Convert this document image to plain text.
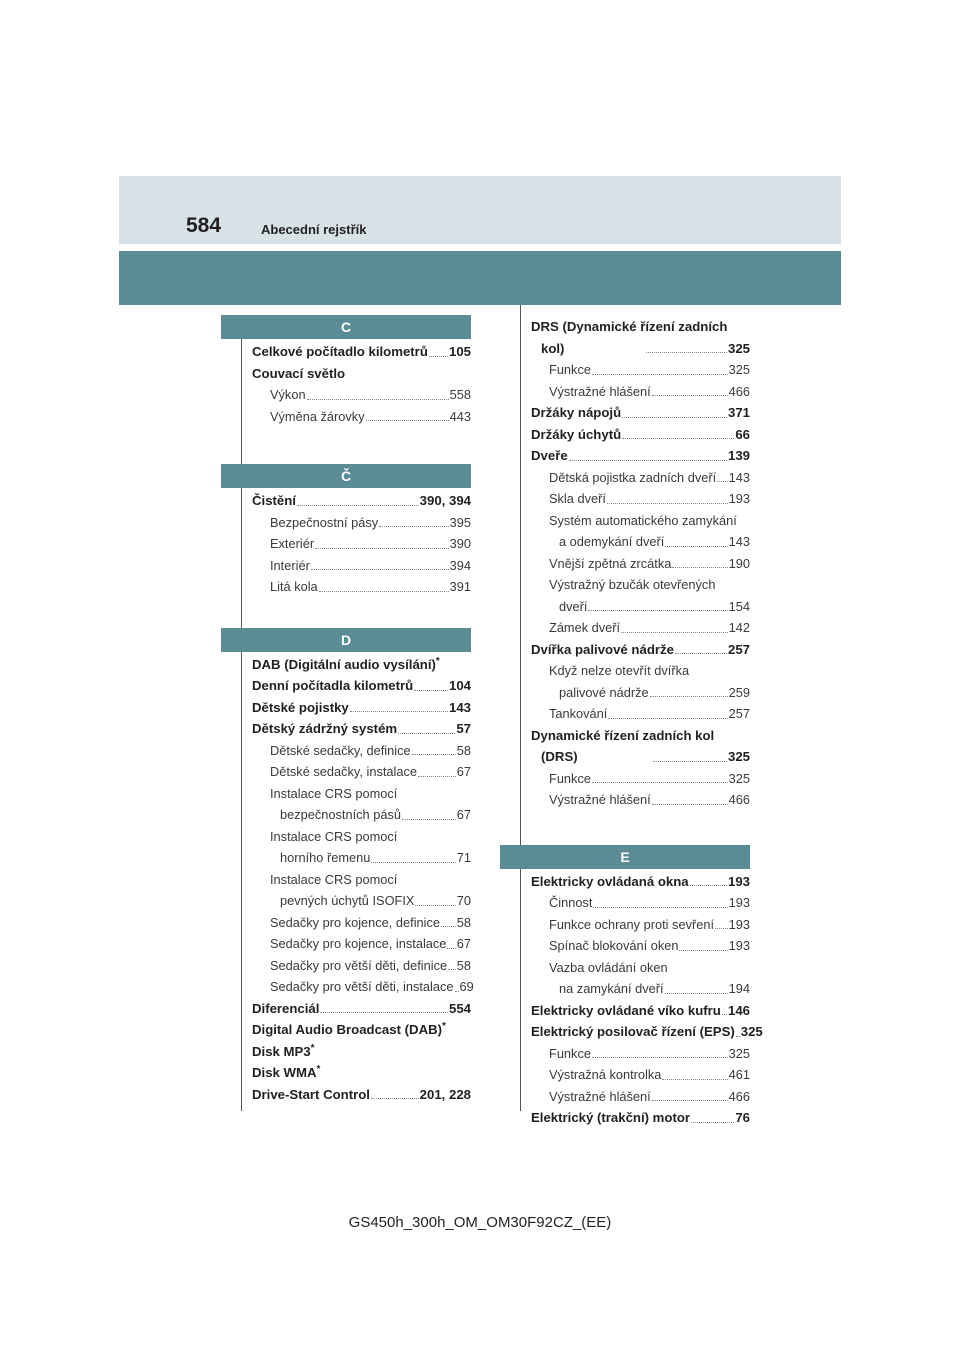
584	Abecední rejstřík
C
Celkové počítadlo kilometrů 105
Couvací světlo
Výkon	558
Výměna žárovky	443
Č
Čistění	390, 394
Bezpečnostní pásy	395
Exteriér	390
Interiér	394
Litá kola	391
D
DAB (Digitální audio vysílání) *
Denní počítadla kilometrů	104
Dětské pojistky	143
Dětský zádržný systém	57
Dětské sedačky, definice	58
Dětské sedačky, instalace	67
Instalace CRS pomocí
bezpečnostních pásů	67
Instalace CRS pomocí
horního řemenu	71
Instalace CRS pomocí
pevných úchytů ISOFIX	70
Sedačky pro kojence, definice 58
Sedačky pro kojence, instalace 67
Sedačky pro větší děti, definice 58
Sedačky pro větší děti, instalace 69
Diferenciál	554
Digital Audio Broadcast (DAB) *
Disk MP3 *
Disk WMA *
Drive-Start Control	201, 228
DRS (Dynamické řízení zadních
kol)	325
Funkce	325
Výstražné hlášení	466
Držáky nápojů	371
Držáky úchytů	66
Dveře	139
Dětská pojistka zadních dveří 143
Skla dveří	193
Systém automatického zamykání
a odemykání dveří	143
Vnější zpětná zrcátka	190
Výstražný bzučák otevřených
dveří	154
Zámek dveří	142
Dvířka palivové nádrže	257
Když nelze otevřít dvířka
palivové nádrže	259
Tankování	257
Dynamické řízení zadních kol
(DRS)	325
Funkce	325
Výstražné hlášení	466
E
Elektricky ovládaná okna	193
Činnost	193
Funkce ochrany proti sevření 193
Spínač blokování oken	193
Vazba ovládání oken
na zamykání dveří	194
Elektricky ovládané víko kufru 146
Elektrický posilovač řízení (EPS) 325
Funkce	325
Výstražná kontrolka	461
Výstražné hlášení	466
Elektrický (trakční) motor	76
GS450h_300h_OM_OM30F92CZ_(EE)
